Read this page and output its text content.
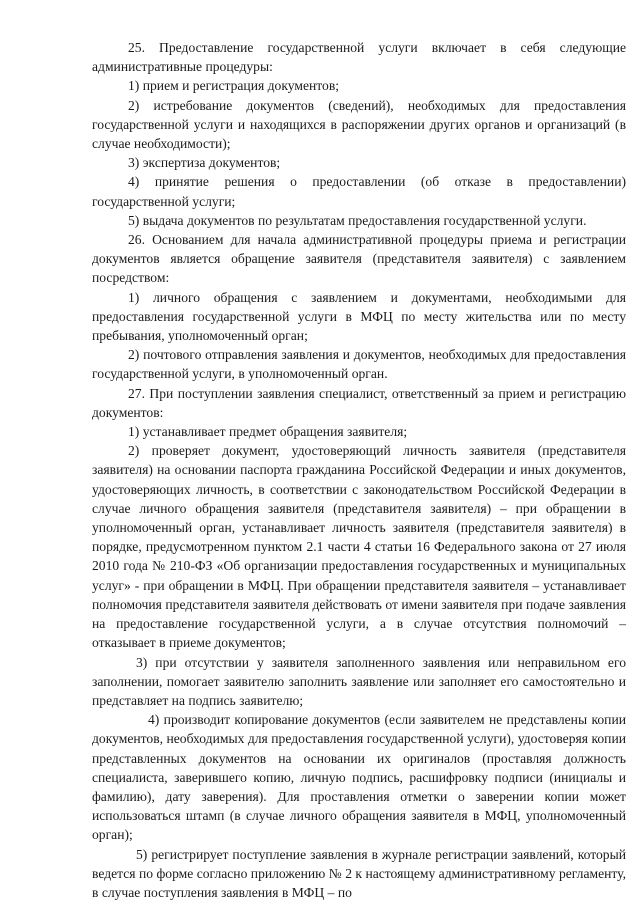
25. Предоставление государственной услуги включает в себя следующие административные процедуры:

1) прием и регистрация документов;

2) истребование документов (сведений), необходимых для предоставления государственной услуги и находящихся в распоряжении других органов и организаций (в случае необходимости);

3) экспертиза документов;

4) принятие решения о предоставлении (об отказе в предоставлении) государственной услуги;

5) выдача документов по результатам предоставления государственной услуги.

26. Основанием для начала административной процедуры приема и регистрации документов является обращение заявителя (представителя заявителя) с заявлением посредством:

1) личного обращения с заявлением и документами, необходимыми для предоставления государственной услуги в МФЦ по месту жительства или по месту пребывания, уполномоченный орган;

2) почтового отправления заявления и документов, необходимых для предоставления государственной услуги, в уполномоченный орган.

27. При поступлении заявления специалист, ответственный за прием и регистрацию документов:

1) устанавливает предмет обращения заявителя;

2) проверяет документ, удостоверяющий личность заявителя (представителя заявителя) на основании паспорта гражданина Российской Федерации и иных документов, удостоверяющих личность, в соответствии с законодательством Российской Федерации в случае личного обращения заявителя (представителя заявителя) – при обращении в уполномоченный орган, устанавливает личность заявителя (представителя заявителя) в порядке, предусмотренном пунктом 2.1 части 4 статьи 16 Федерального закона от 27 июля 2010 года № 210-ФЗ «Об организации предоставления государственных и муниципальных услуг» - при обращении в МФЦ. При обращении представителя заявителя – устанавливает полномочия представителя заявителя действовать от имени заявителя при подаче заявления на предоставление государственной услуги, а в случае отсутствия полномочий – отказывает в приеме документов;

3) при отсутствии у заявителя заполненного заявления или неправильном его заполнении, помогает заявителю заполнить заявление или заполняет его самостоятельно и представляет на подпись заявителю;

4) производит копирование документов (если заявителем не представлены копии документов, необходимых для предоставления государственной услуги), удостоверяя копии представленных документов на основании их оригиналов (проставляя должность специалиста, заверившего копию, личную подпись, расшифровку подписи (инициалы и фамилию), дату заверения). Для проставления отметки о заверении копии может использоваться штамп (в случае личного обращения заявителя в МФЦ, уполномоченный орган);

5) регистрирует поступление заявления в журнале регистрации заявлений, который ведется по форме согласно приложению № 2 к настоящему административному регламенту, в случае поступления заявления в МФЦ – по
